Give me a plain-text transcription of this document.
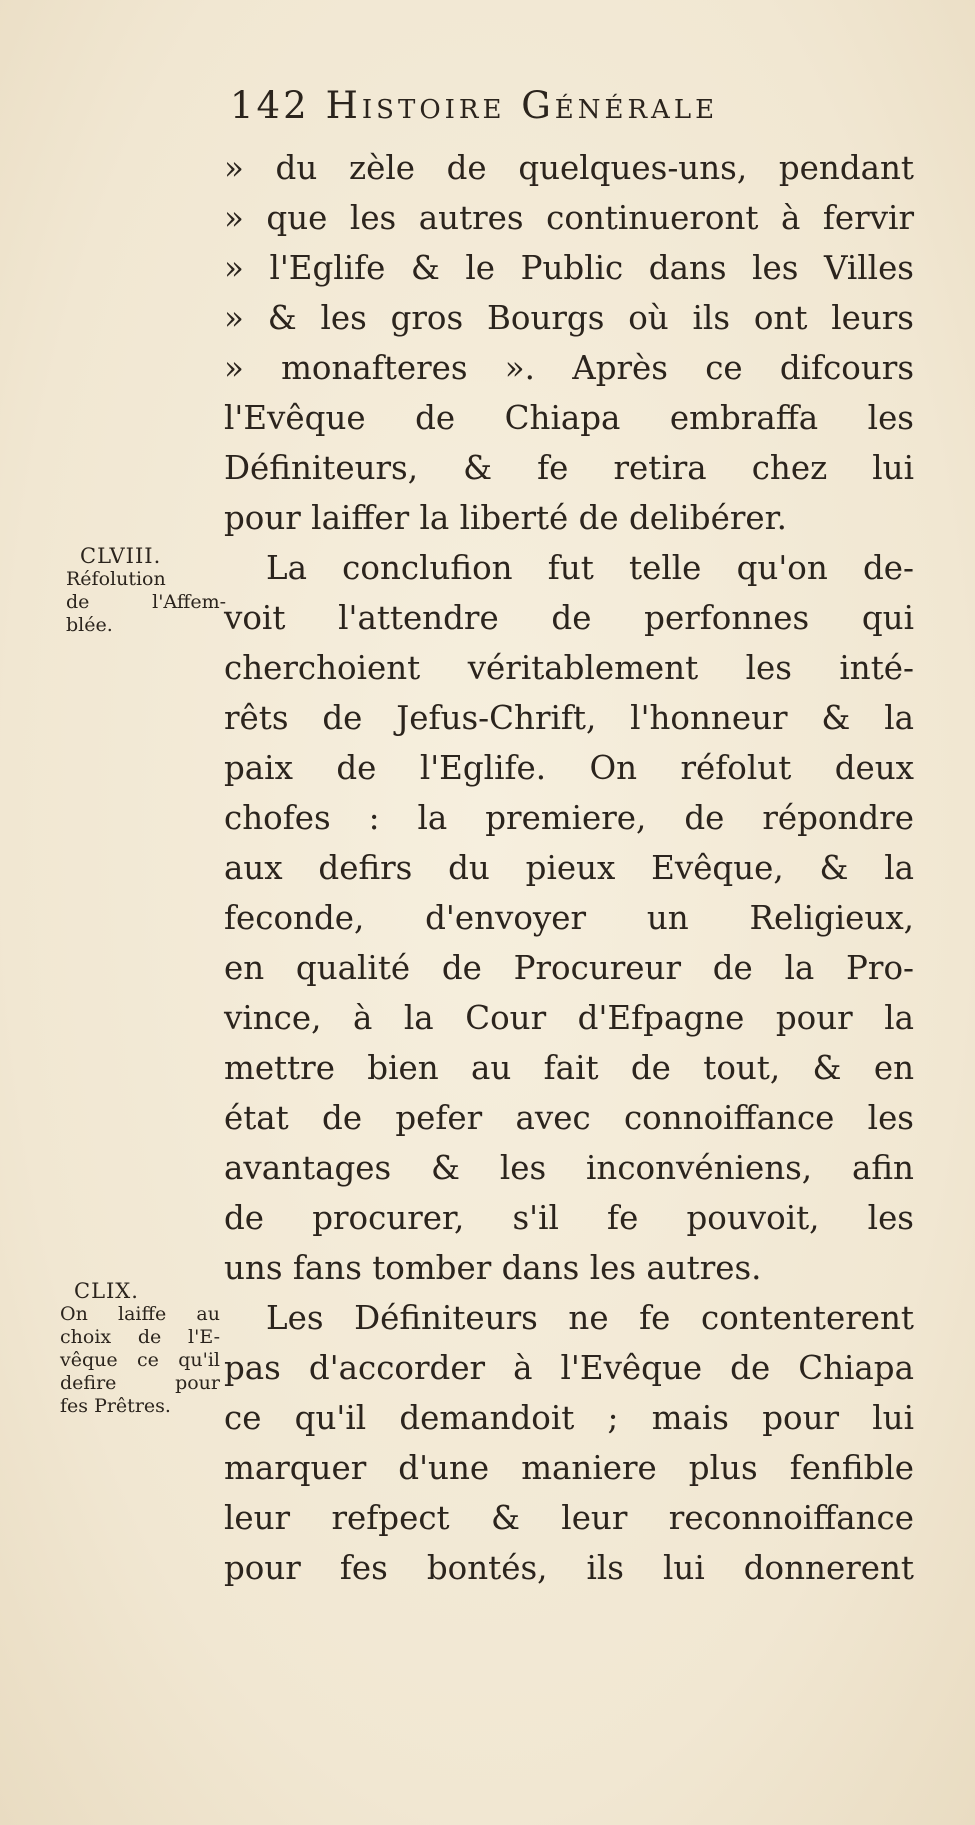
142 Histoire Générale
CLVIII.
Réfolution
de l'Affem-
blée.
CLIX.
On laiffe au
choix de l'E-
vêque ce qu'il
defire pour
fes Prêtres.
» du zèle de quelques-uns, pendant
» que les autres continueront à fervir
» l'Eglife & le Public dans les Villes
» & les gros Bourgs où ils ont leurs
» monafteres ». Après ce difcours
l'Evêque de Chiapa embraffa les
Définiteurs, & fe retira chez lui
pour laiffer la liberté de delibérer.
La conclufion fut telle qu'on de-
voit l'attendre de perfonnes qui
cherchoient véritablement les inté-
rêts de Jefus-Chrift, l'honneur & la
paix de l'Eglife. On réfolut deux
chofes : la premiere, de répondre
aux defirs du pieux Evêque, & la
feconde, d'envoyer un Religieux,
en qualité de Procureur de la Pro-
vince, à la Cour d'Efpagne pour la
mettre bien au fait de tout, & en
état de pefer avec connoiffance les
avantages & les inconvéniens, afin
de procurer, s'il fe pouvoit, les
uns fans tomber dans les autres.
Les Définiteurs ne fe contenterent
pas d'accorder à l'Evêque de Chiapa
ce qu'il demandoit ; mais pour lui
marquer d'une maniere plus fenfible
leur refpect & leur reconnoiffance
pour fes bontés, ils lui donnerent
